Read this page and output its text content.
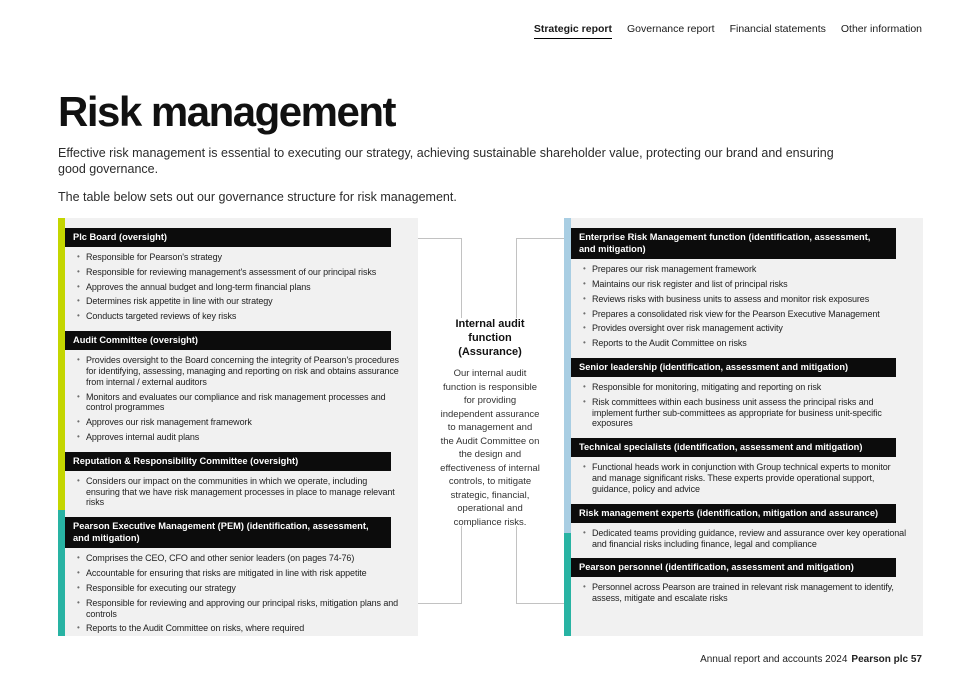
Strategic report Governance report Financial statements Other information
Risk management

Effective risk management is essential to executing our strategy, achieving sustainable shareholder value, protecting our brand and ensuring good governance.

The table below sets out our governance structure for risk management.

Plc Board (oversight)
• Responsible for Pearson's strategy
• Responsible for reviewing management's assessment of our principal risks
• Approves the annual budget and long-term financial plans
• Determines risk appetite in line with our strategy
• Conducts targeted reviews of key risks
Audit Committee (oversight)
• Provides oversight to the Board concerning the integrity of Pearson's procedures for identifying, assessing, managing and reporting on risk and obtains assurance from internal / external auditors
• Monitors and evaluates our compliance and risk management processes and control programmes
• Approves our risk management framework
• Approves internal audit plans
Reputation & Responsibility Committee (oversight)
• Considers our impact on the communities in which we operate, including ensuring that we have risk management processes in place to manage relevant risks
Pearson Executive Management (PEM) (identification, assessment, and mitigation)
• Comprises the CEO, CFO and other senior leaders (on pages 74-76)
• Accountable for ensuring that risks are mitigated in line with risk appetite
• Responsible for executing our strategy
• Responsible for reviewing and approving our principal risks, mitigation plans and controls
• Reports to the Audit Committee on risks, where required
Internal audit function
(Assurance)
Our internal audit function is responsible for providing independent assurance to management and the Audit Committee on the design and effectiveness of internal controls, to mitigate strategic, financial, operational and compliance risks.
Enterprise Risk Management function (identification, assessment, and mitigation)
• Prepares our risk management framework
• Maintains our risk register and list of principal risks
• Reviews risks with business units to assess and monitor risk exposures
• Prepares a consolidated risk view for the Pearson Executive Management
• Provides oversight over risk management activity
• Reports to the Audit Committee on risks
Senior leadership (identification, assessment and mitigation)
• Responsible for monitoring, mitigating and reporting on risk
• Risk committees within each business unit assess the principal risks and implement further sub-committees as appropriate for business unit-specific exposures
Technical specialists (identification, assessment and mitigation)
• Functional heads work in conjunction with Group technical experts to monitor and manage significant risks. These experts provide operational support, guidance, policy and advice
Risk management experts (identification, mitigation and assurance)
• Dedicated teams providing guidance, review and assurance over key operational and financial risks including finance, legal and compliance
Pearson personnel (identification, assessment and mitigation)
• Personnel across Pearson are trained in relevant risk management to identify, assess, mitigate and escalate risks
Annual report and accounts 2024 Pearson plc 57
